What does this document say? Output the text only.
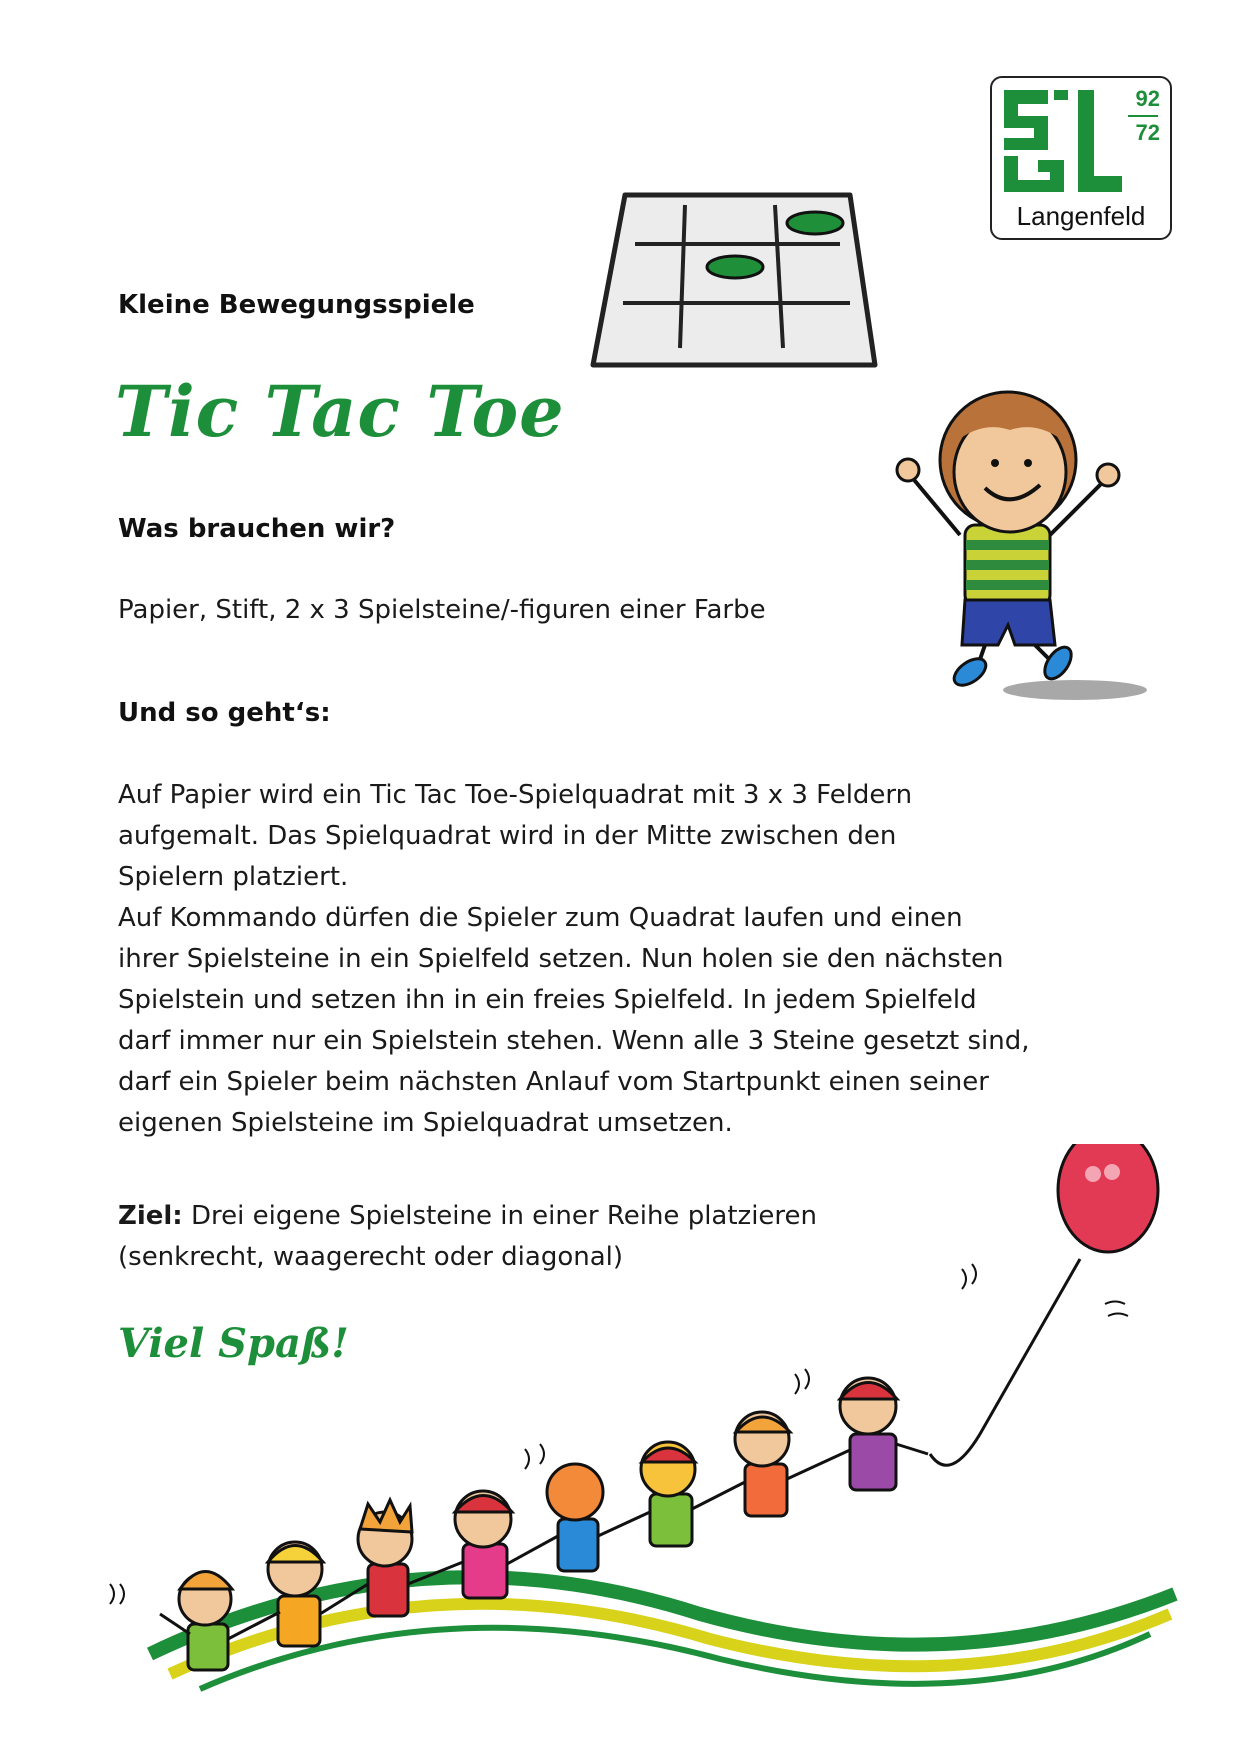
92
72
Langenfeld
Kleine Bewegungsspiele
Tic Tac Toe
Was brauchen wir?
Papier, Stift, 2 x 3 Spielsteine/-figuren einer Farbe
Und so geht‘s:
Auf Papier wird ein Tic Tac Toe-Spielquadrat mit 3 x 3 Feldern
aufgemalt. Das Spielquadrat wird in der Mitte zwischen den
Spielern platziert.
Auf Kommando dürfen die Spieler zum Quadrat laufen und einen
ihrer Spielsteine in ein Spielfeld setzen. Nun holen sie den nächsten
Spielstein und setzen ihn in ein freies Spielfeld. In jedem Spielfeld
darf immer nur ein Spielstein stehen. Wenn alle 3 Steine gesetzt sind,
darf ein Spieler beim nächsten Anlauf vom Startpunkt einen seiner
eigenen Spielsteine im Spielquadrat umsetzen.
Ziel: Drei eigene Spielsteine in einer Reihe platzieren
(senkrecht, waagerecht oder diagonal)
Viel Spaß!
